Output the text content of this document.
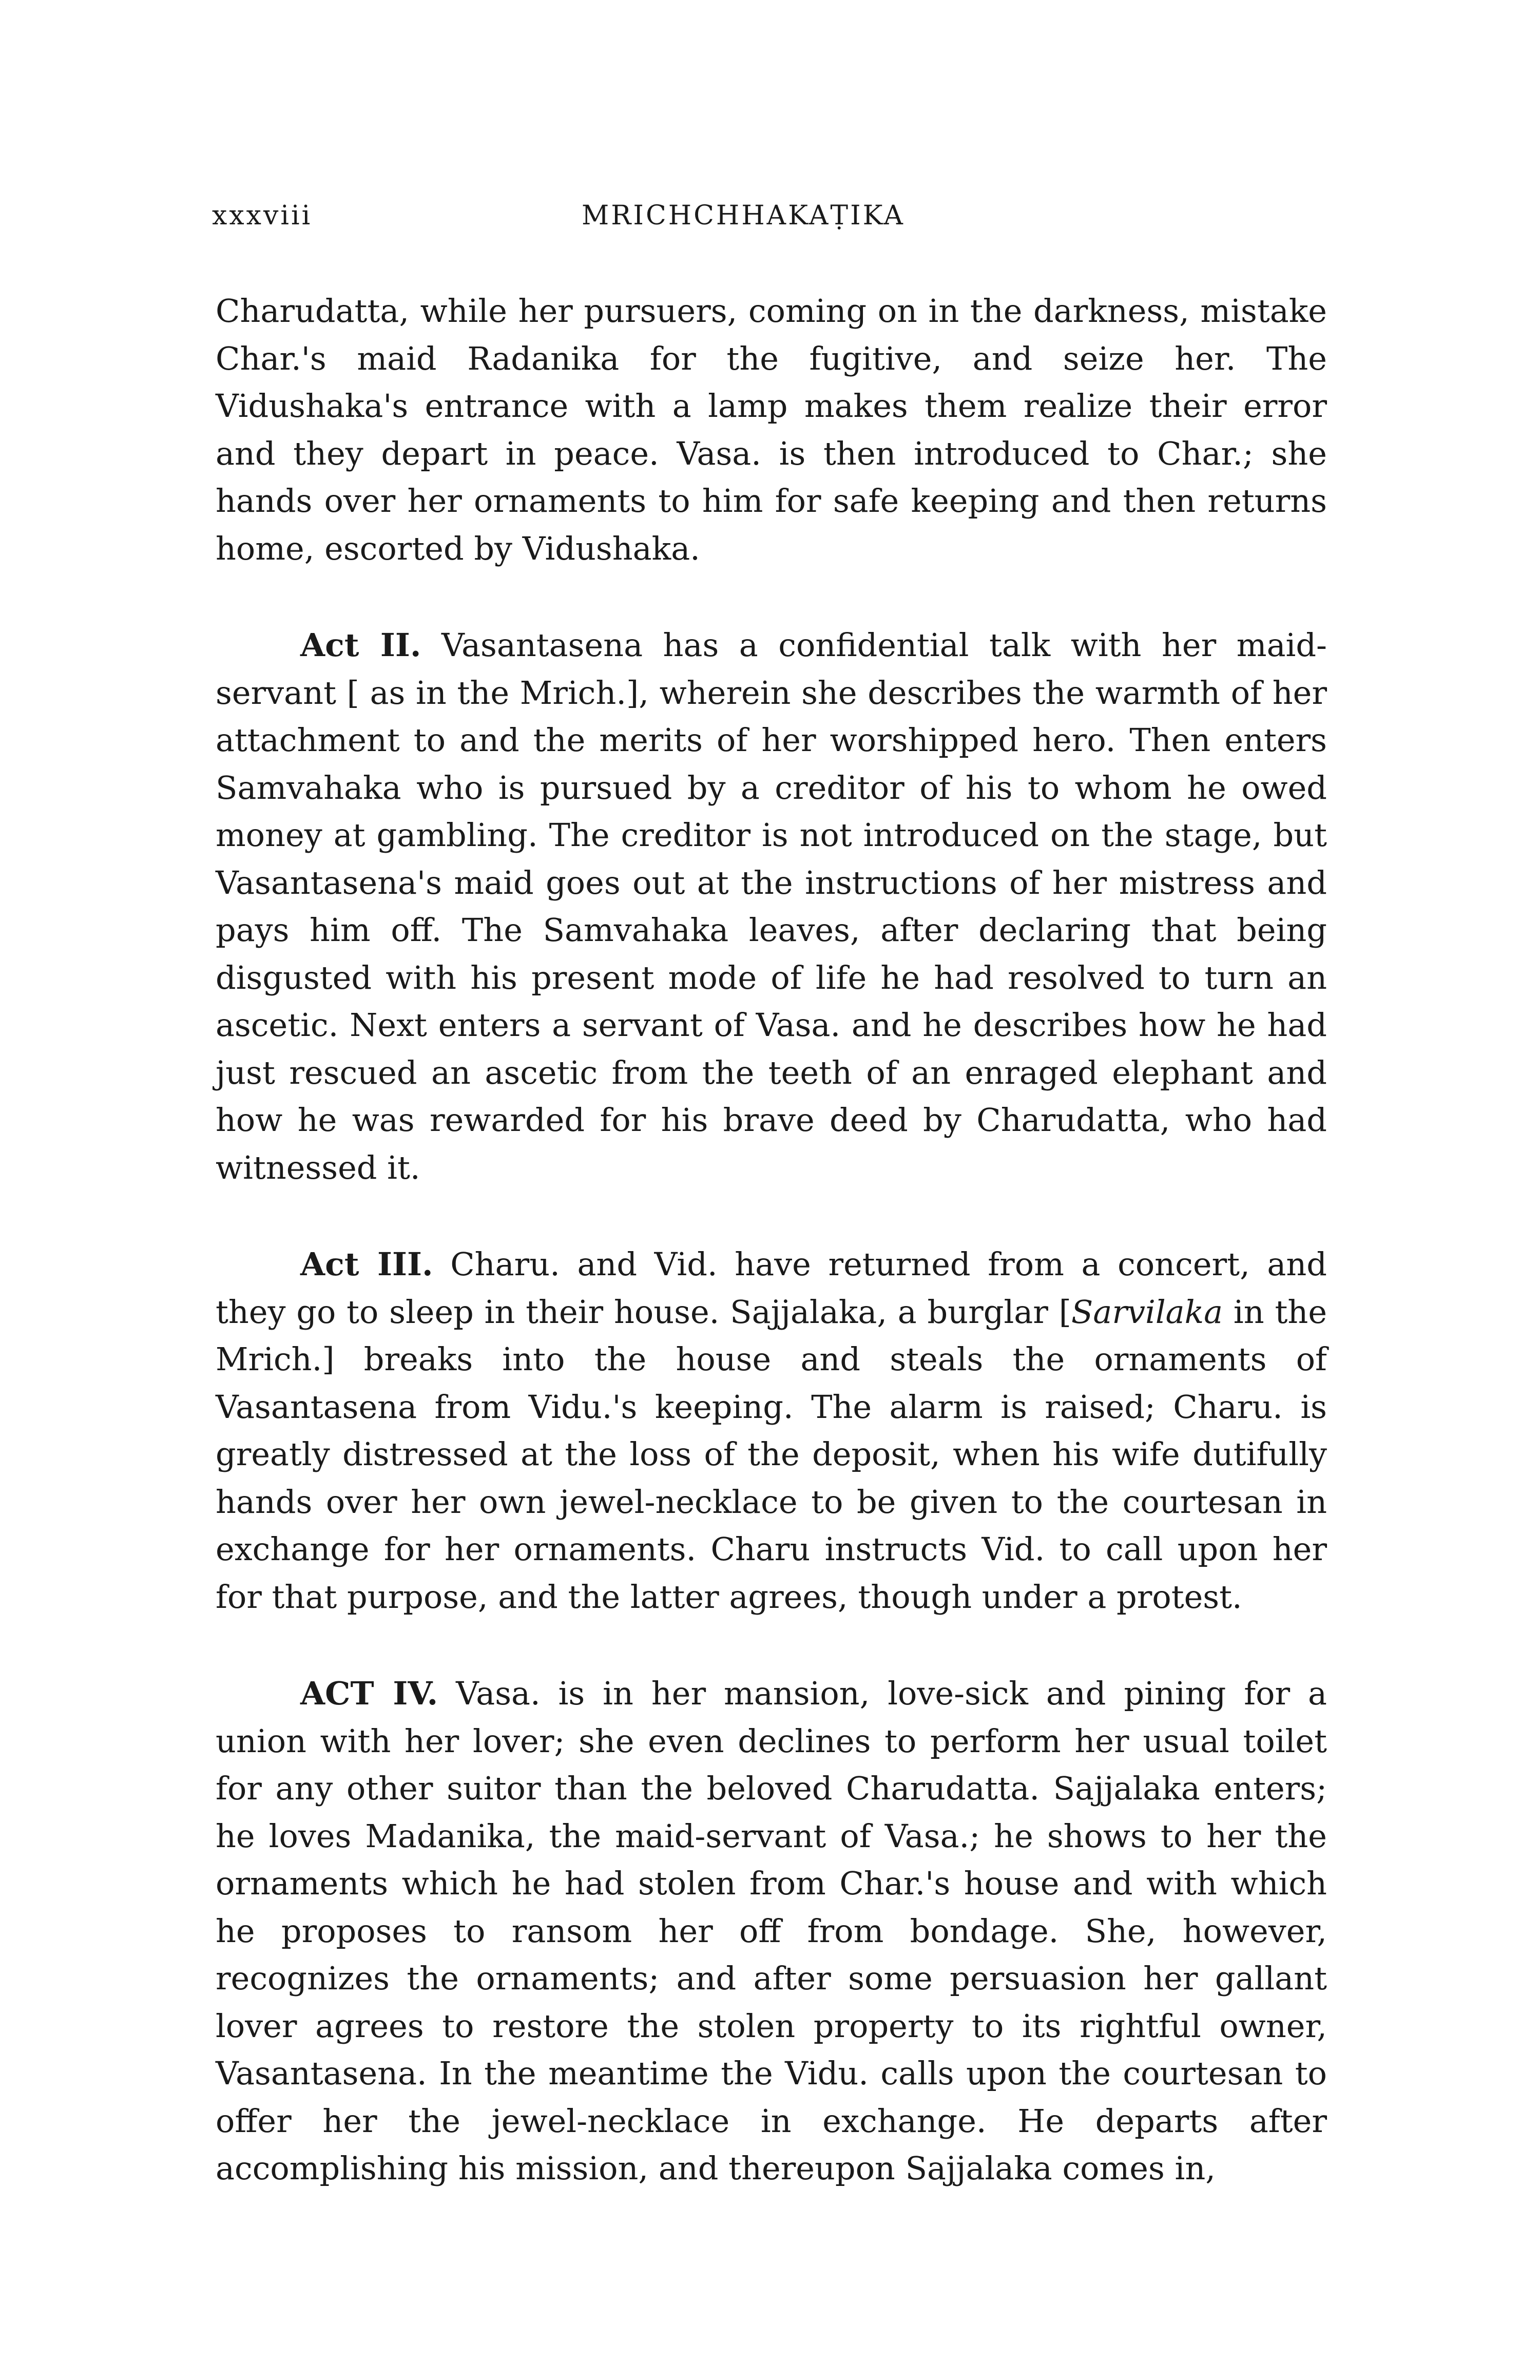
xxxviii	MRICHCHHAKAṬIKA

Charudatta, while her pursuers, coming on in the darkness, mistake Char.'s maid Radanika for the fugitive, and seize her. The Vidushaka's entrance with a lamp makes them realize their error and they depart in peace. Vasa. is then introduced to Char.; she hands over her ornaments to him for safe keeping and then returns home, escorted by Vidushaka.

Act II. Vasantasena has a confidential talk with her maid-servant [ as in the Mrich.], wherein she describes the warmth of her attachment to and the merits of her worshipped hero. Then enters Samvahaka who is pursued by a creditor of his to whom he owed money at gambling. The creditor is not introduced on the stage, but Vasantasena's maid goes out at the instructions of her mistress and pays him off. The Samvahaka leaves, after declaring that being disgusted with his present mode of life he had resolved to turn an ascetic. Next enters a servant of Vasa. and he describes how he had just rescued an ascetic from the teeth of an enraged elephant and how he was rewarded for his brave deed by Charudatta, who had witnessed it.

Act III. Charu. and Vid. have returned from a concert, and they go to sleep in their house. Sajjalaka, a burglar [Sarvilaka in the Mrich.] breaks into the house and steals the ornaments of Vasantasena from Vidu.'s keeping. The alarm is raised; Charu. is greatly distressed at the loss of the deposit, when his wife dutifully hands over her own jewel-necklace to be given to the courtesan in exchange for her ornaments. Charu instructs Vid. to call upon her for that purpose, and the latter agrees, though under a protest.

ACT IV. Vasa. is in her mansion, love-sick and pining for a union with her lover; she even declines to perform her usual toilet for any other suitor than the beloved Charudatta. Sajjalaka enters; he loves Madanika, the maid-servant of Vasa.; he shows to her the ornaments which he had stolen from Char.'s house and with which he proposes to ransom her off from bondage. She, however, recognizes the ornaments; and after some persuasion her gallant lover agrees to restore the stolen property to its rightful owner, Vasantasena. In the meantime the Vidu. calls upon the courtesan to offer her the jewel-necklace in exchange. He departs after accomplishing his mission, and thereupon Sajjalaka comes in,
